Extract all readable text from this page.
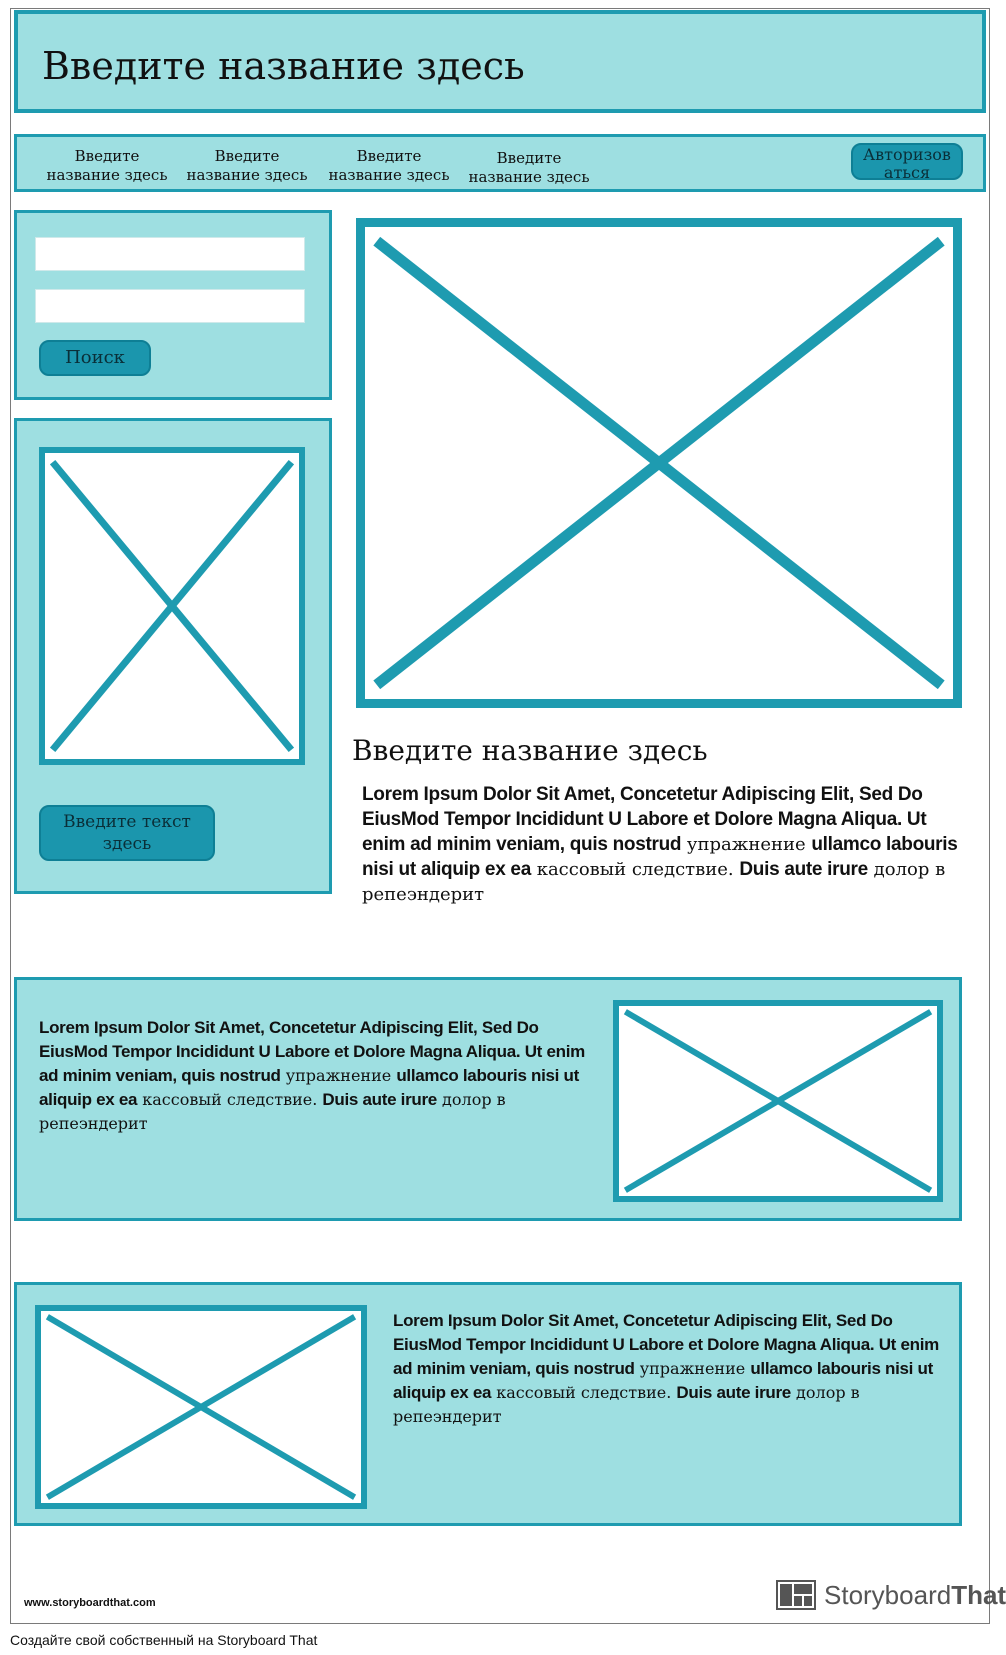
Введите название здесь
Введите
название здесь
Введите
название здесь
Введите
название здесь
Введите
название здесь
Авторизов
аться
Поиск
Введите текст
здесь
Введите название здесь
Lorem Ipsum Dolor Sit Amet, Concetetur Adipiscing Elit, Sed Do EiusMod Tempor Incididunt U Labore et Dolore Magna Aliqua. Ut enim ad minim veniam, quis nostrud упражнение ullamco labouris nisi ut aliquip ex ea кассовый следствие. Duis aute irure долор в репеэндерит
Lorem Ipsum Dolor Sit Amet, Concetetur Adipiscing Elit, Sed Do EiusMod Tempor Incididunt U Labore et Dolore Magna Aliqua. Ut enim ad minim veniam, quis nostrud упражнение ullamco labouris nisi ut aliquip ex ea кассовый следствие. Duis aute irure долор в репеэндерит
Lorem Ipsum Dolor Sit Amet, Concetetur Adipiscing Elit, Sed Do EiusMod Tempor Incididunt U Labore et Dolore Magna Aliqua. Ut enim ad minim veniam, quis nostrud упражнение ullamco labouris nisi ut aliquip ex ea кассовый следствие. Duis aute irure долор в репеэндерит
www.storyboardthat.com	StoryboardThat
Создайте свой собственный на Storyboard That
